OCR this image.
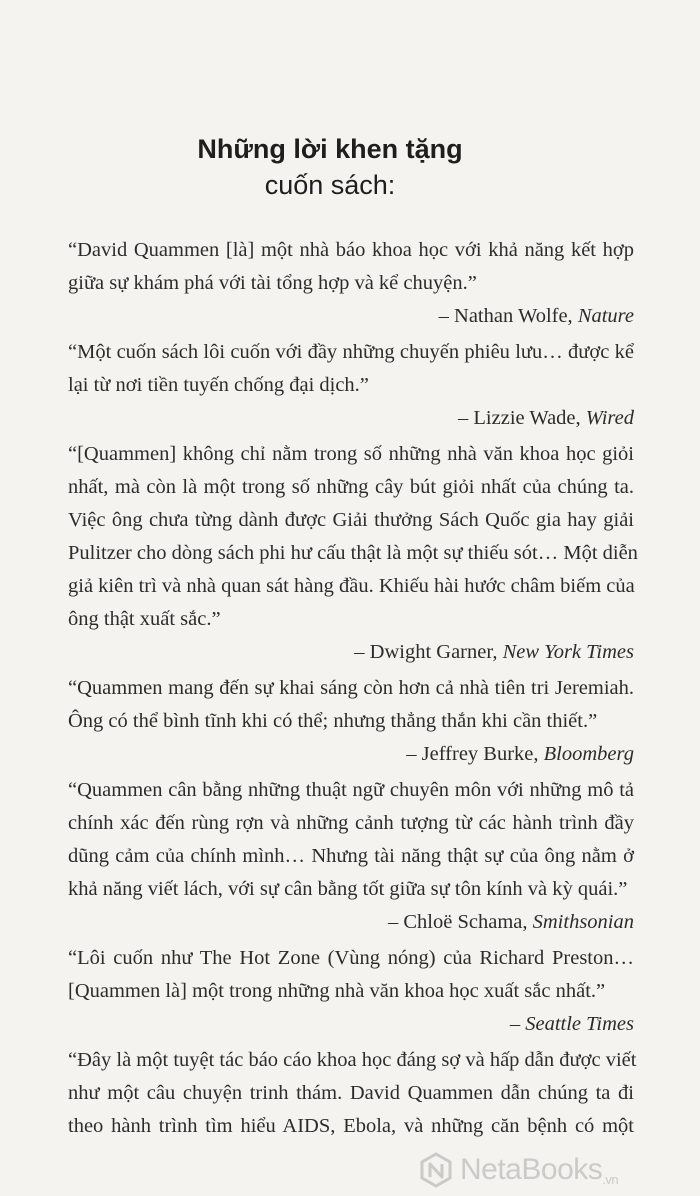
Những lời khen tặng
cuốn sách:
“David Quammen [là] một nhà báo khoa học với khả năng kết hợp
giữa sự khám phá với tài tổng hợp và kể chuyện.”
– Nathan Wolfe, Nature
“Một cuốn sách lôi cuốn với đầy những chuyến phiêu lưu… được kể
lại từ nơi tiền tuyến chống đại dịch.”
– Lizzie Wade, Wired
“[Quammen] không chỉ nằm trong số những nhà văn khoa học giỏi
nhất, mà còn là một trong số những cây bút giỏi nhất của chúng ta.
Việc ông chưa từng dành được Giải thưởng Sách Quốc gia hay giải
Pulitzer cho dòng sách phi hư cấu thật là một sự thiếu sót… Một diễn
giả kiên trì và nhà quan sát hàng đầu. Khiếu hài hước châm biếm của
ông thật xuất sắc.”
– Dwight Garner, New York Times
“Quammen mang đến sự khai sáng còn hơn cả nhà tiên tri Jeremiah.
Ông có thể bình tĩnh khi có thể; nhưng thẳng thắn khi cần thiết.”
– Jeffrey Burke, Bloomberg
“Quammen cân bằng những thuật ngữ chuyên môn với những mô tả
chính xác đến rùng rợn và những cảnh tượng từ các hành trình đầy
dũng cảm của chính mình… Nhưng tài năng thật sự của ông nằm ở
khả năng viết lách, với sự cân bằng tốt giữa sự tôn kính và kỳ quái.”
– Chloë Schama, Smithsonian
“Lôi cuốn như The Hot Zone (Vùng nóng) của Richard Preston…
[Quammen là] một trong những nhà văn khoa học xuất sắc nhất.”
– Seattle Times
“Đây là một tuyệt tác báo cáo khoa học đáng sợ và hấp dẫn được viết
như một câu chuyện trinh thám. David Quammen dẫn chúng ta đi
theo hành trình tìm hiểu AIDS, Ebola, và những căn bệnh có một
NetaBooks.vn
